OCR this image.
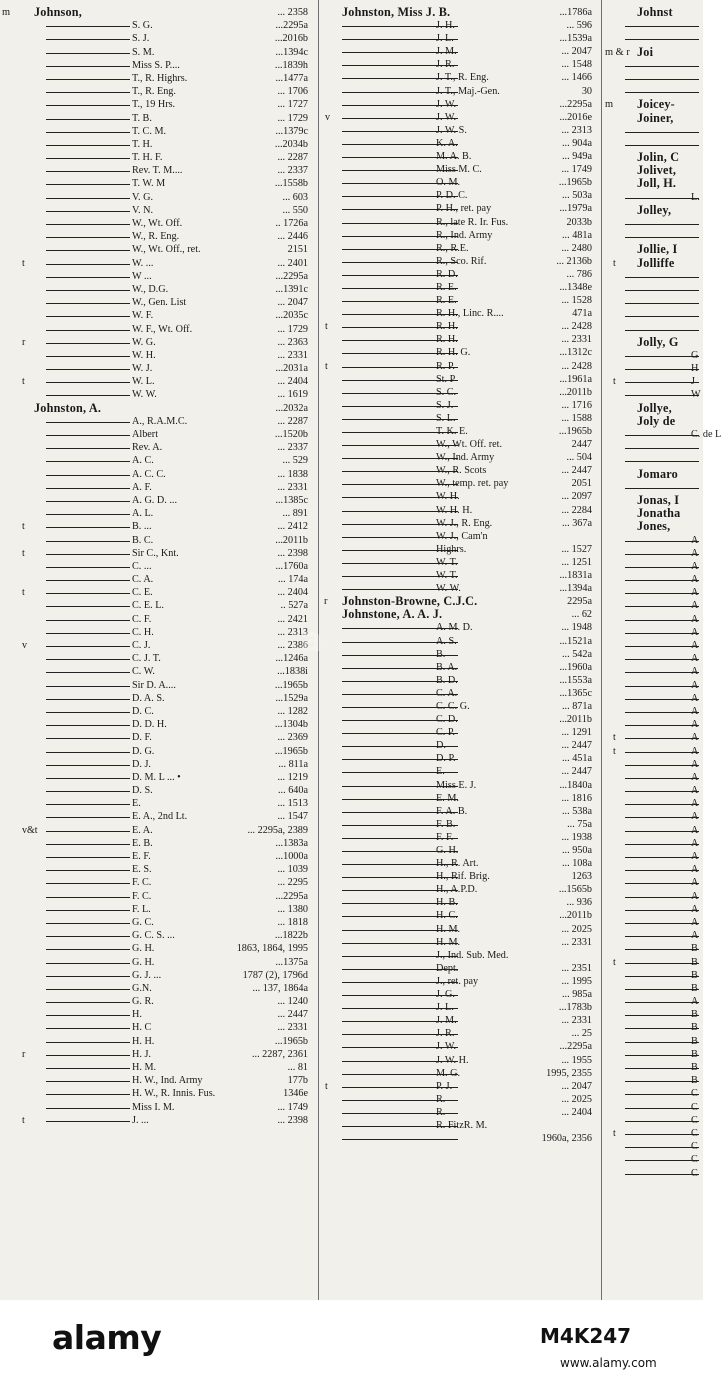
m Johnson,	... 2358
S. G.	...2295a
S. J.	...2016b
S. M.	...1394c
Miss S. P....	...1839h
T., R. Highrs.	...1477a
T., R. Eng.	... 1706
T., 19 Hrs.	... 1727
T. B.	... 1729
T. C. M.	...1379c
T. H.	...2034b
T. H. F.	... 2287
Rev. T. M....	... 2337
T. W. M	...1558b
V. G.	... 603
V. N.	... 550
W., Wt. Off.	.. 1726a
W., R. Eng.	... 2446
W., Wt. Off., ret.	2151
t	W. ...	... 2401
W ...	...2295a
W., D.G.	...1391c
W., Gen. List	... 2047
W. F.	...2035c
W. F., Wt. Off.	... 1729
r	W. G.	... 2363
W. H.	... 2331
W. J.	...2031a
t	W. L.	... 2404
W. W.	... 1619
Johnston, A.	...2032a
A., R.A.M.C.	... 2287
Albert	...1520b
Rev. A.	... 2337
A. C.	... 529
A. C. C.	... 1838
A. F.	... 2331
A. G. D. ...	...1385c
A. L.	... 891
t	B. ...	... 2412
B. C.	...2011b
t	Sir C., Knt.	... 2398
C. ...	...1760a
C. A.	... 174a
t	C. E.	... 2404
C. E. L.	.. 527a
C. F.	... 2421
C. H.	... 2313
v	C. J.	... 2386
C. J. T.	...1246a
C. W.	...1838i
Sir D. A....	...1965b
D. A. S.	...1529a
D. C.	... 1282
D. D. H.	...1304b
D. F.	... 2369
D. G.	...1965b
D. J.	... 811a
D. M. L ... •	... 1219
D. S.	... 640a
E.	... 1513
E. A., 2nd Lt.	... 1547
v&t	E. A.	... 2295a, 2389
E. B.	...1383a
E. F.	...1000a
E. S.	... 1039
F. C.	... 2295
F. C.	...2295a
F. L.	... 1380
G. C.	... 1818
G. C. S. ...	...1822b
G. H.	1863, 1864, 1995
G. H.	...1375a
G. J. ...	1787 (2), 1796d
G.N.	... 137, 1864a
G. R.	... 1240
H.	... 2447
H. C	... 2331
H. H.	...1965b
r	H. J.	... 2287, 2361
H. M.	... 81
H. W., Ind. Army	177b
H. W., R. Innis. Fus.	1346e
Miss I. M.	... 1749
t	J. ...	... 2398
Johnston, Miss J. B.	...1786a
J. H.	... 596
J. L.	...1539a
J. M.	... 2047
J. R.	... 1548
J. T., R. Eng.	... 1466
J. T., Maj.-Gen.	30
J. W.	...2295a
v	J. W.	...2016e
J. W. S.	... 2313
K. A.	... 904a
M. A. B.	... 949a
Miss M. C.	... 1749
O. M.	...1965b
P. D. C.	... 503a
P. H., ret. pay	...1979a
R., late R. Ir. Fus.	2033b
R., Ind. Army	... 481a
R., R.E.	... 2480
R., Sco. Rif.	... 2136b
R. D.	... 786
R. E.	...1348e
R. E.	... 1528
R. H., Linc. R....	471a
t	R. H.	... 2428
R. H.	... 2331
R. H. G.	...1312c
t	R. P.	... 2428
St. P	...1961a
S. C.	...2011b
S. J.	... 1716
S. L.	... 1588
T. K. E.	...1965b
W., Wt. Off. ret.	2447
W., Ind. Army	... 504
W., R. Scots	... 2447
W., temp. ret. pay	2051
W. H.	... 2097
W. H. H.	... 2284
W. J., R. Eng.	... 367a
W. J., Cam'n
Highrs.	... 1527
W. T.	... 1251
W. T.	...1831a
W. W.	...1394a
r Johnston-Browne, C.J.C.	2295a
Johnstone, A. A. J.	... 62
A. M. D.	... 1948
A. S.	...1521a
B.	... 542a
B. A.	...1960a
B. D.	...1553a
C. A.	...1365c
C. C. G.	... 871a
C. D.	...2011b
C. P.	... 1291
D.	... 2447
D. P.	... 451a
E.	... 2447
Miss E. J.	...1840a
E. M.	... 1816
F. A. B.	... 538a
F. B.	... 75a
F. F.	... 1938
G. H.	... 950a
H., R. Art.	... 108a
H., Rif. Brig.	1263
H., A.P.D.	...1565b
H. B.	... 936
H. C.	...2011b
H. M.	... 2025
H. M.	... 2331
J., Ind. Sub. Med.
Dept.	... 2351
J., ret. pay	... 1995
J. G.	... 985a
J. L.	...1783b
J. M.	... 2331
J. R.	... 25
J. W.	...2295a
J. W. H.	... 1955
M. G.	1995, 2355
t	P. J.	... 2047
R.	... 2025
R.	... 2404
R. FitzR. M.
1960a, 2356
Johnst
m & r Joi
m Joicey-
Joiner,
Jolin, C
Jolivet,
Joll, H.
L.
Jolley,
Jollie, I
t Jolliffe
Jolly, G
G
H
t	J
W
Jollye,
Joly de
C. de L
Jomaro
Jonas, I
Jonatha
Jones,
A
A
A
A
A
A
A
A
A
A
A
A
A
A
A
t	A
t	A
A
A
A
A
A
A
A
A
A
A
A
A
A
A
B
t	B
B
B
A
B
B
B
B
B
B
C
C
C
t	C
C
C
C
a
alamy	M4K247
www.alamy.com
